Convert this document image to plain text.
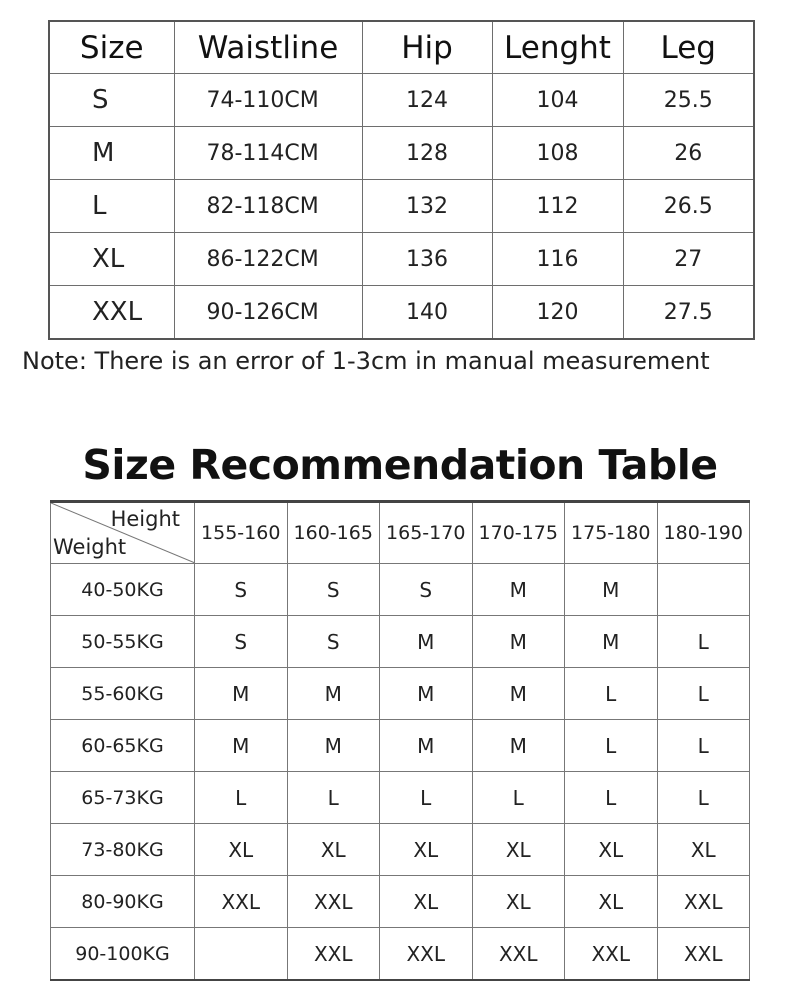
Size	Waistline	Hip	Lenght	Leg
S	74-110CM	124	104	25.5
M	78-114CM	128	108	26
L	82-118CM	132	112	26.5
XL	86-122CM	136	116	27
XXL	90-126CM	140	120	27.5
Note: There is an error of 1-3cm in manual measurement
Size Recommendation Table
Height
Weight	155-160	160-165	165-170	170-175	175-180	180-190
40-50KG	S	S	S	M	M	
50-55KG	S	S	M	M	M	L
55-60KG	M	M	M	M	L	L
60-65KG	M	M	M	M	L	L
65-73KG	L	L	L	L	L	L
73-80KG	XL	XL	XL	XL	XL	XL
80-90KG	XXL	XXL	XL	XL	XL	XXL
90-100KG		XXL	XXL	XXL	XXL	XXL
